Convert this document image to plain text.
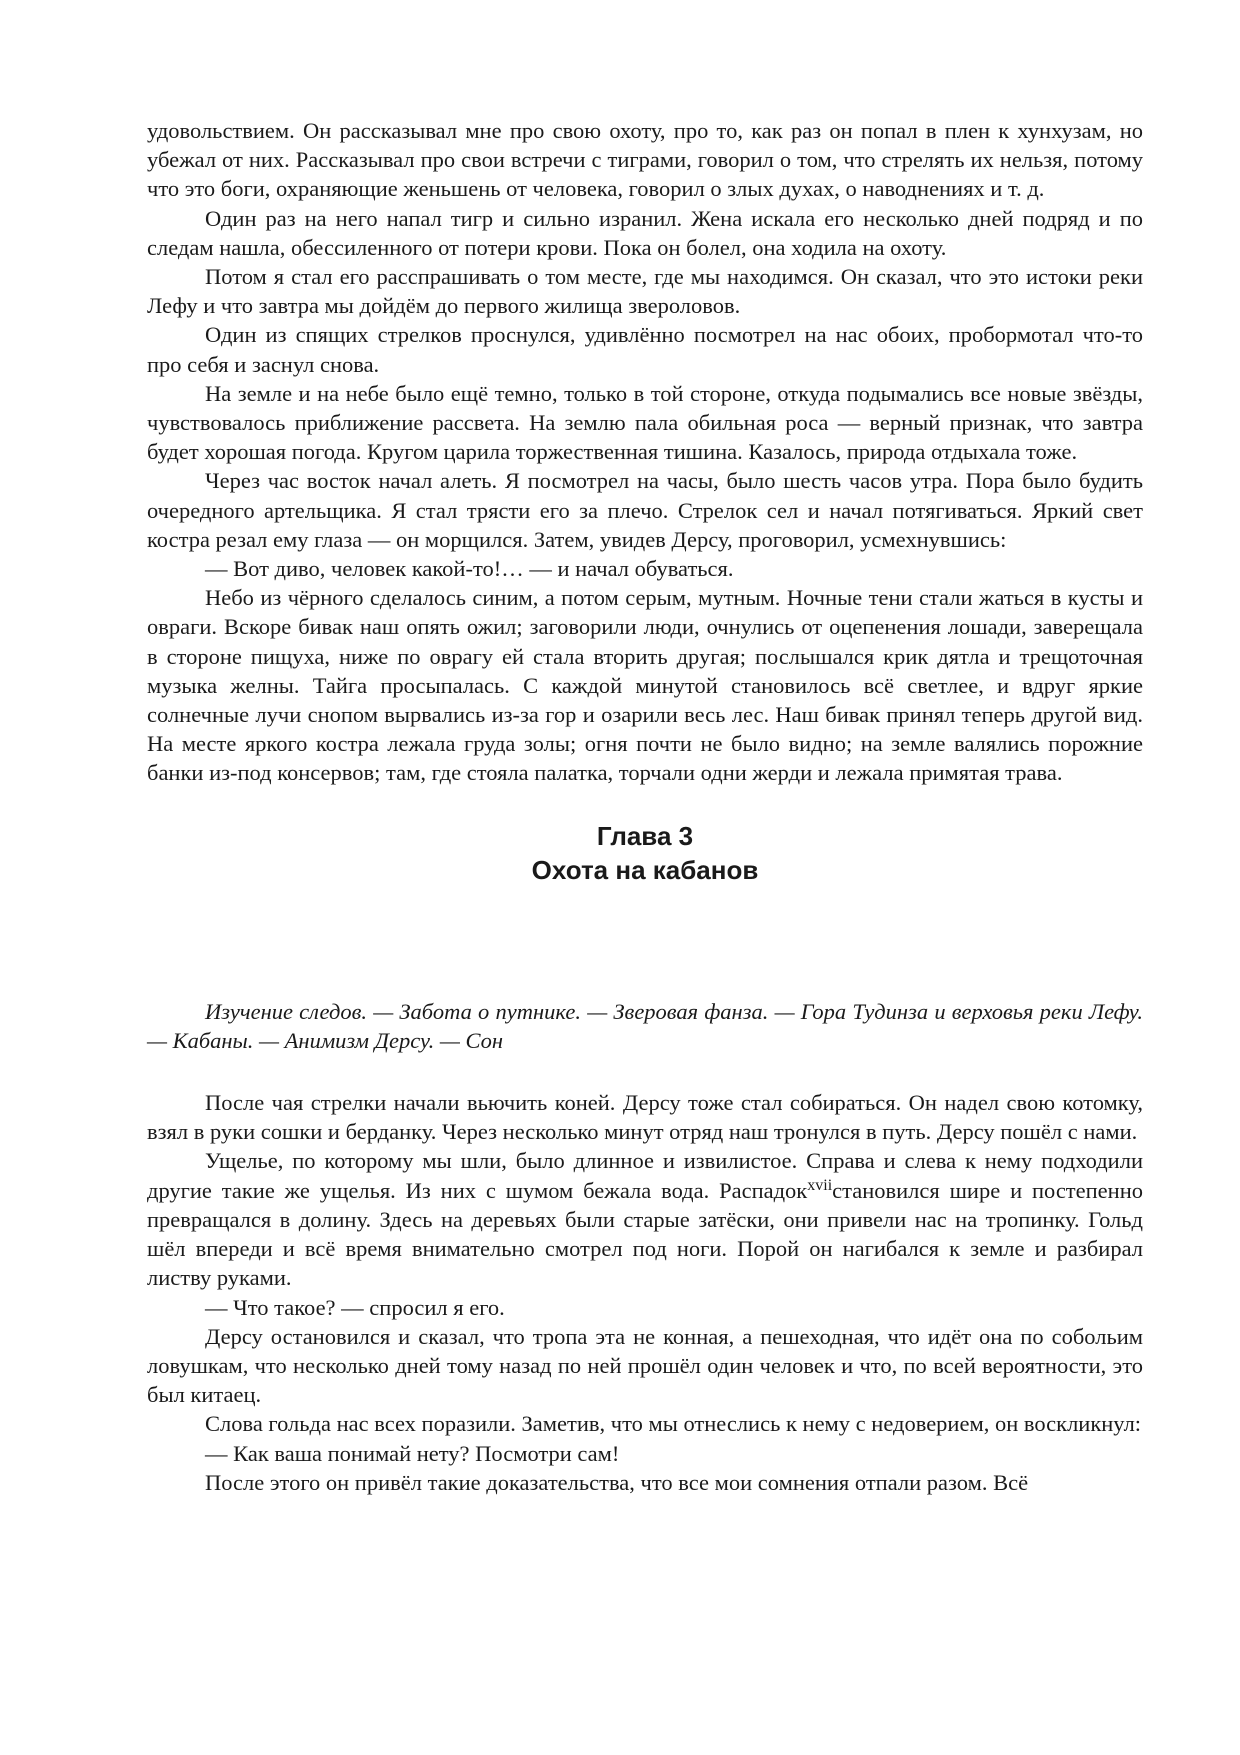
удовольствием. Он рассказывал мне про свою охоту, про то, как раз он попал в плен к хунхузам, но убежал от них. Рассказывал про свои встречи с тиграми, говорил о том, что стрелять их нельзя, потому что это боги, охраняющие женьшень от человека, говорил о злых духах, о наводнениях и т. д.

Один раз на него напал тигр и сильно изранил. Жена искала его несколько дней подряд и по следам нашла, обессиленного от потери крови. Пока он болел, она ходила на охоту.

Потом я стал его расспрашивать о том месте, где мы находимся. Он сказал, что это истоки реки Лефу и что завтра мы дойдём до первого жилища звероловов.

Один из спящих стрелков проснулся, удивлённо посмотрел на нас обоих, пробормотал что-то про себя и заснул снова.

На земле и на небе было ещё темно, только в той стороне, откуда подымались все новые звёзды, чувствовалось приближение рассвета. На землю пала обильная роса — верный признак, что завтра будет хорошая погода. Кругом царила торжественная тишина. Казалось, природа отдыхала тоже.

Через час восток начал алеть. Я посмотрел на часы, было шесть часов утра. Пора было будить очередного артельщика. Я стал трясти его за плечо. Стрелок сел и начал потягиваться. Яркий свет костра резал ему глаза — он морщился. Затем, увидев Дерсу, проговорил, усмехнувшись:

— Вот диво, человек какой-то!… — и начал обуваться.

Небо из чёрного сделалось синим, а потом серым, мутным. Ночные тени стали жаться в кусты и овраги. Вскоре бивак наш опять ожил; заговорили люди, очнулись от оцепенения лошади, заверещала в стороне пищуха, ниже по оврагу ей стала вторить другая; послышался крик дятла и трещоточная музыка желны. Тайга просыпалась. С каждой минутой становилось всё светлее, и вдруг яркие солнечные лучи снопом вырвались из-за гор и озарили весь лес. Наш бивак принял теперь другой вид. На месте яркого костра лежала груда золы; огня почти не было видно; на земле валялись порожние банки из-под консервов; там, где стояла палатка, торчали одни жерди и лежала примятая трава.

Глава 3
Охота на кабанов

Изучение следов. — Забота о путнике. — Зверовая фанза. — Гора Тудинза и верховья реки Лефу. — Кабаны. — Анимизм Дерсу. — Сон

После чая стрелки начали вьючить коней. Дерсу тоже стал собираться. Он надел свою котомку, взял в руки сошки и берданку. Через несколько минут отряд наш тронулся в путь. Дерсу пошёл с нами.

Ущелье, по которому мы шли, было длинное и извилистое. Справа и слева к нему подходили другие такие же ущелья. Из них с шумом бежала вода. Распадок$^{xvii}$становился шире и постепенно превращался в долину. Здесь на деревьях были старые затёски, они привели нас на тропинку. Гольд шёл впереди и всё время внимательно смотрел под ноги. Порой он нагибался к земле и разбирал листву руками.

— Что такое? — спросил я его.

Дерсу остановился и сказал, что тропа эта не конная, а пешеходная, что идёт она по собольим ловушкам, что несколько дней тому назад по ней прошёл один человек и что, по всей вероятности, это был китаец.

Слова гольда нас всех поразили. Заметив, что мы отнеслись к нему с недоверием, он воскликнул:

— Как ваша понимай нету? Посмотри сам!

После этого он привёл такие доказательства, что все мои сомнения отпали разом. Всё
